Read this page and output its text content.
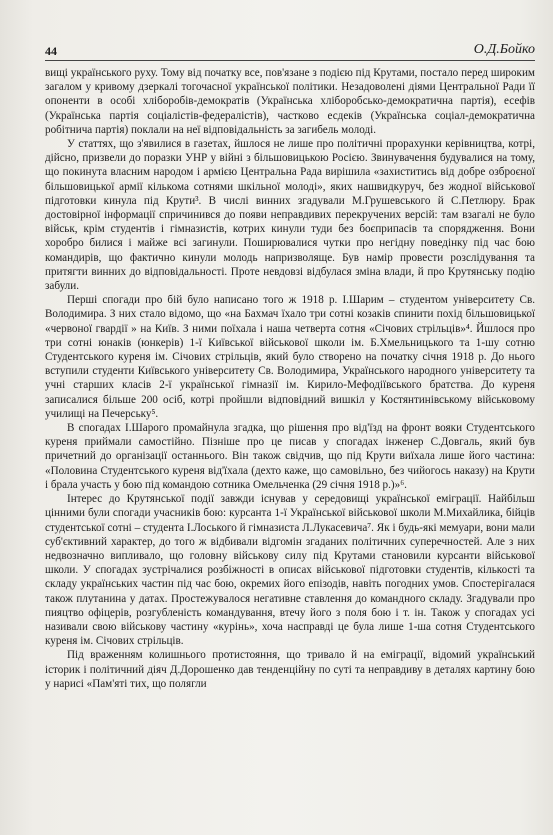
44	О.Д.Бойко

вищі українського руху. Тому від початку все, пов'язане з подією під Крутами, постало перед широким загалом у кривому дзеркалі тогочасної української політики. Незадоволені діями Центральної Ради її опоненти в особі хліборобів-демократів (Українська хліборобсько-демократична партія), есефів (Українська партія соціалістів-федералістів), частково есдеків (Українська соціал-демократична робітнича партія) поклали на неї відповідальність за загибель молоді.

У статтях, що з'явилися в газетах, йшлося не лише про політичні прорахунки керівництва, котрі, дійсно, призвели до поразки УНР у війні з більшовицькою Росією. Звинувачення будувалися на тому, що покинута власним народом і армією Центральна Рада вирішила «захиститись від добре озброєної більшовицької армії кількома сотнями шкільної молоді», яких нашвидкуруч, без жодної військової підготовки кинула під Крути³. В числі винних згадували М.Грушевського й С.Петлюру. Брак достовірної інформації спричинився до появи неправдивих перекручених версій: там взагалі не було військ, крім студентів і гімназистів, котрих кинули туди без боєприпасів та спорядження. Вони хоробро билися і майже всі загинули. Поширювалися чутки про негідну поведінку під час бою командирів, що фактично кинули молодь напризволяще. Був намір провести розслідування та притягти винних до відповідальності. Проте невдовзі відбулася зміна влади, й про Крутянську подію забули.

Перші спогади про бій було написано того ж 1918 р. І.Шарим – студентом університету Св. Володимира. З них стало відомо, що «на Бахмач їхало три сотні козаків спинити похід більшовицької «червоної гвардії » на Київ. З ними поїхала і наша четверта сотня «Січових стрільців»⁴. Йшлося про три сотні юнаків (юнкерів) 1-ї Київської військової школи ім. Б.Хмельницького та 1-шу сотню Студентського куреня ім. Січових стрільців, який було створено на початку січня 1918 р. До нього вступили студенти Київського університету Св. Володимира, Українського народного університету та учні старших класів 2-ї української гімназії ім. Кирило-Мефодіївського братства. До куреня записалися більше 200 осіб, котрі пройшли відповідний вишкіл у Костянтинівському військовому училищі на Печерську⁵.

В спогадах І.Шарого промайнула згадка, що рішення про від'їзд на фронт вояки Студентського куреня приймали самостійно. Пізніше про це писав у спогадах інженер С.Довгаль, який був причетний до організації останнього. Він також свідчив, що під Крути виїхала лише його частина: «Половина Студентського куреня від'їхала (дехто каже, що самовільно, без чийогось наказу) на Крути і брала участь у бою під командою сотника Омельченка (29 січня 1918 р.)»⁶.

Інтерес до Крутянської події завжди існував у середовищі української еміграції. Найбільш цінними були спогади учасників бою: курсанта 1-ї Української військової школи М.Михайлика, бійців студентської сотні – студента І.Лоського й гімназиста Л.Лукасевича⁷. Як і будь-які мемуари, вони мали суб'єктивний характер, до того ж відбивали відгомін згаданих політичних суперечностей. Але з них недвозначно випливало, що головну військову силу під Крутами становили курсанти військової школи. У спогадах зустрічалися розбіжності в описах військової підготовки студентів, кількості та складу українських частин під час бою, окремих його епізодів, навіть погодних умов. Спостерігалася також плутанина у датах. Простежувалося негативне ставлення до командного складу. Згадували про пияцтво офіцерів, розгубленість командування, втечу його з поля бою і т. ін. Також у спогадах усі називали свою військову частину «курінь», хоча насправді це була лише 1-ша сотня Студентського куреня ім. Січових стрільців.

Під враженням колишнього протистояння, що тривало й на еміграції, відомий український історик і політичний діяч Д.Дорошенко дав тенденційну по суті та неправдиву в деталях картину бою у нарисі «Пам'яті тих, що полягли
